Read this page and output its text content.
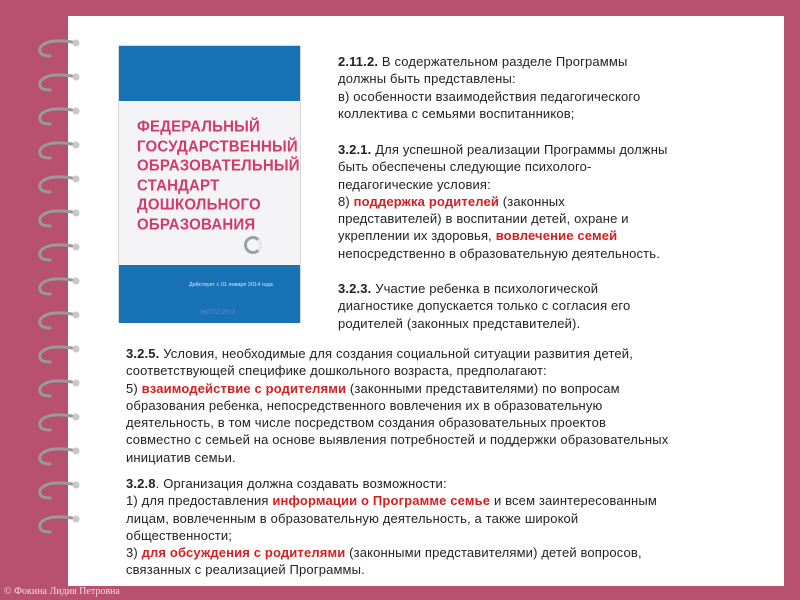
ФЕДЕРАЛЬНЫЙ
ГОСУДАРСТВЕННЫЙ
ОБРАЗОВАТЕЛЬНЫЙ
СТАНДАРТ
ДОШКОЛЬНОГО
ОБРАЗОВАНИЯ
Действует с 01 января 2014 года
ЭКСПО 2013
2.11.2. В содержательном разделе Программы
должны быть представлены:
в) особенности взаимодействия педагогического
коллектива с семьями воспитанников;
3.2.1. Для успешной реализации Программы должны
быть обеспечены следующие психолого-
педагогические условия:
8) поддержка родителей (законных
представителей) в воспитании детей, охране и
укреплении их здоровья, вовлечение семей
непосредственно в образовательную деятельность.
3.2.3. Участие ребенка в психологической
диагностике допускается только с согласия его
родителей (законных представителей).
3.2.5. Условия, необходимые для создания социальной ситуации развития детей,
соответствующей специфике дошкольного возраста, предполагают:
5) взаимодействие с родителями (законными представителями) по вопросам
образования ребенка, непосредственного вовлечения их в образовательную
деятельность, в том числе посредством создания образовательных проектов
совместно с семьей на основе выявления потребностей и поддержки образовательных
инициатив семьи.
3.2.8. Организация должна создавать возможности:
1) для предоставления информации о Программе семье и всем заинтересованным
лицам, вовлеченным в образовательную деятельность, а также широкой
общественности;
3) для обсуждения с родителями (законными представителями) детей вопросов,
связанных с реализацией Программы.
© Фокина Лидия Петровна
